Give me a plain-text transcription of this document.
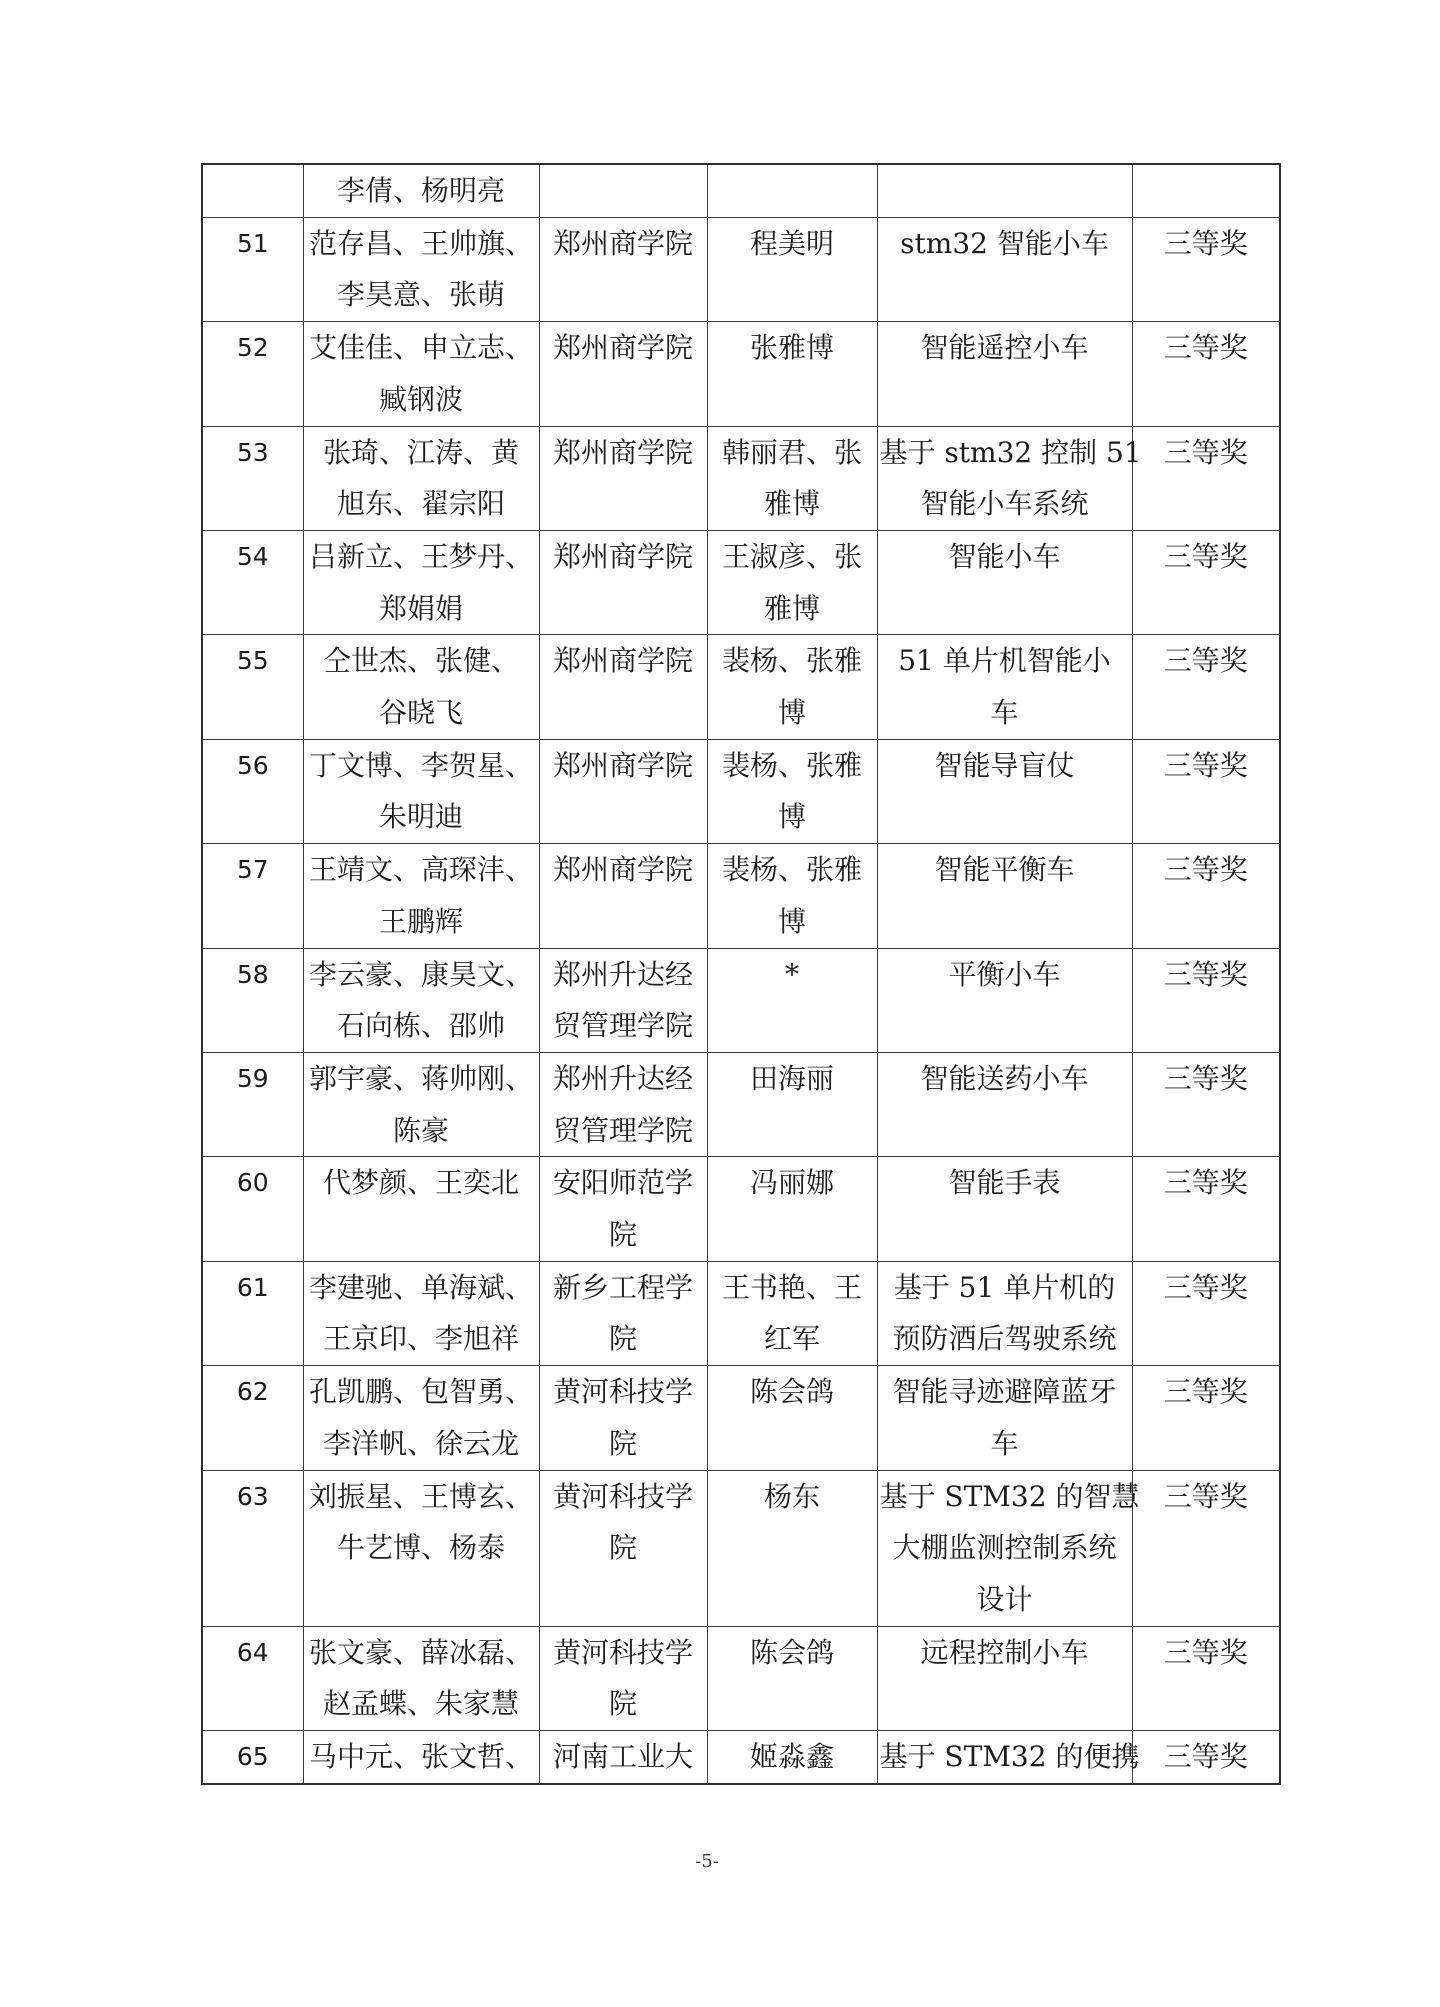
	李倩、杨明亮				

51	范存昌、王帅旗、
李昊意、张萌	郑州商学院	程美明	stm32 智能小车	三等奖

52	艾佳佳、申立志、
臧钢波	郑州商学院	张雅博	智能遥控小车	三等奖

53	张琦、江涛、黄
旭东、翟宗阳	郑州商学院	韩丽君、张
雅博	基于 stm32 控制 51
智能小车系统	三等奖

54	吕新立、王梦丹、
郑娟娟	郑州商学院	王淑彦、张
雅博	智能小车	三等奖

55	仝世杰、张健、
谷晓飞	郑州商学院	裴杨、张雅
博	51 单片机智能小
车	三等奖

56	丁文博、李贺星、
朱明迪	郑州商学院	裴杨、张雅
博	智能导盲仗	三等奖

57	王靖文、高琛沣、
王鹏辉	郑州商学院	裴杨、张雅
博	智能平衡车	三等奖

58	李云豪、康昊文、
石向栋、邵帅	郑州升达经
贸管理学院	*	平衡小车	三等奖

59	郭宇豪、蒋帅刚、
陈豪	郑州升达经
贸管理学院	田海丽	智能送药小车	三等奖

60	代梦颜、王奕北	安阳师范学
院	冯丽娜	智能手表	三等奖

61	李建驰、单海斌、
王京印、李旭祥	新乡工程学
院	王书艳、王
红军	基于 51 单片机的
预防酒后驾驶系统	三等奖

62	孔凯鹏、包智勇、
李洋帆、徐云龙	黄河科技学
院	陈会鸽	智能寻迹避障蓝牙
车	三等奖

63	刘振星、王博玄、
牛艺博、杨泰	黄河科技学
院	杨东	基于 STM32 的智慧
大棚监测控制系统
设计	三等奖

64	张文豪、薛冰磊、
赵孟蝶、朱家慧	黄河科技学
院	陈会鸽	远程控制小车	三等奖

65	马中元、张文哲、	河南工业大	姬淼鑫	基于 STM32 的便携	三等奖
-5-
